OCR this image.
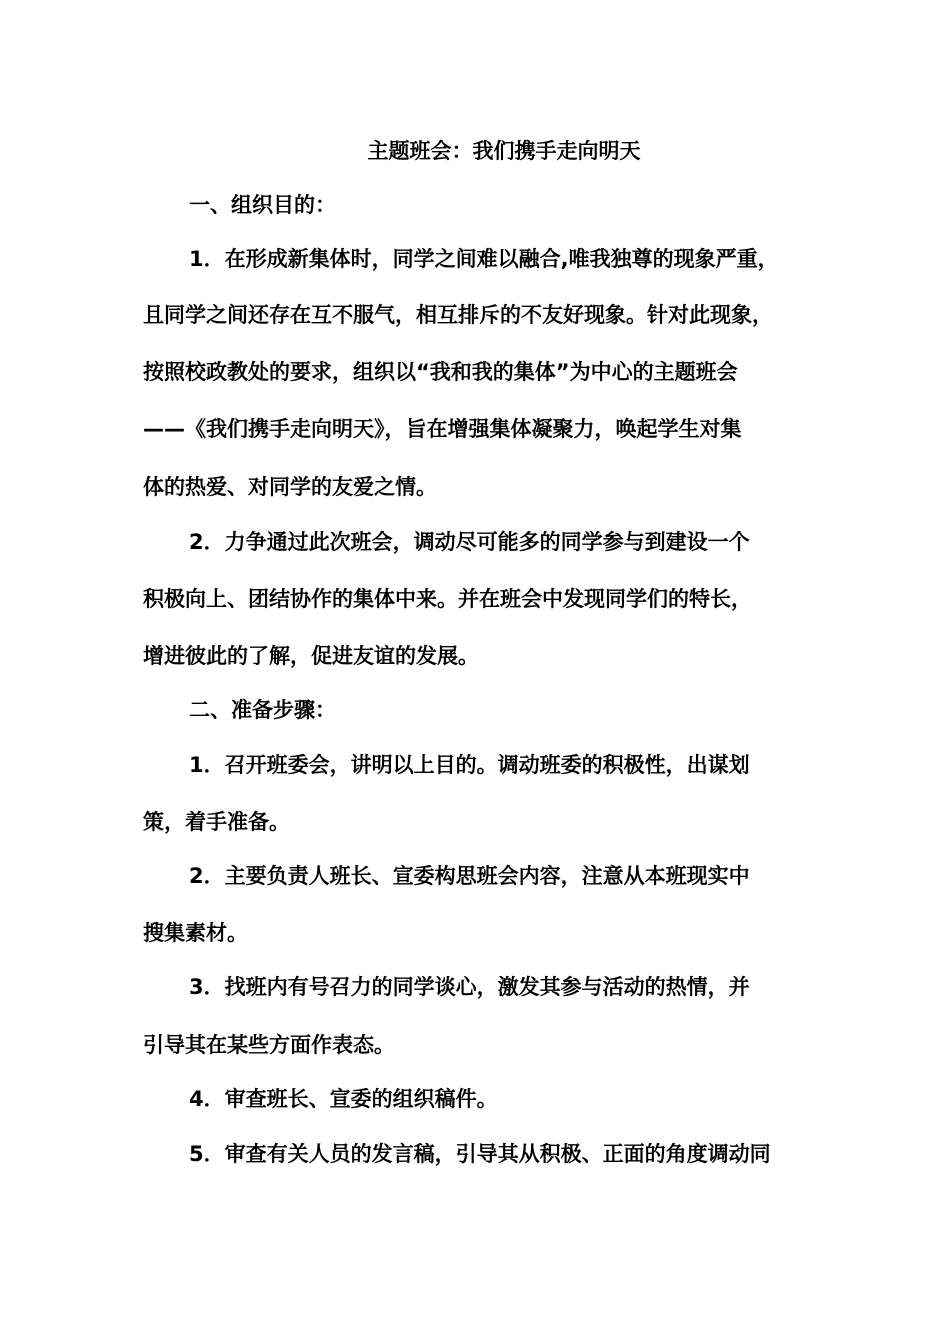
主题班会：我们携手走向明天
一、组织目的：
1．在形成新集体时，同学之间难以融合,唯我独尊的现象严重，
且同学之间还存在互不服气，相互排斥的不友好现象。针对此现象，
按照校政教处的要求，组织以“我和我的集体”为中心的主题班会
——《我们携手走向明天》，旨在增强集体凝聚力，唤起学生对集
体的热爱、对同学的友爱之情。
2．力争通过此次班会，调动尽可能多的同学参与到建设一个
积极向上、团结协作的集体中来。并在班会中发现同学们的特长，
增进彼此的了解，促进友谊的发展。
二、准备步骤：
1．召开班委会，讲明以上目的。调动班委的积极性，出谋划
策，着手准备。
2．主要负责人班长、宣委构思班会内容，注意从本班现实中
搜集素材。
3．找班内有号召力的同学谈心，激发其参与活动的热情，并
引导其在某些方面作表态。
4．审查班长、宣委的组织稿件。
5．审查有关人员的发言稿，引导其从积极、正面的角度调动同
